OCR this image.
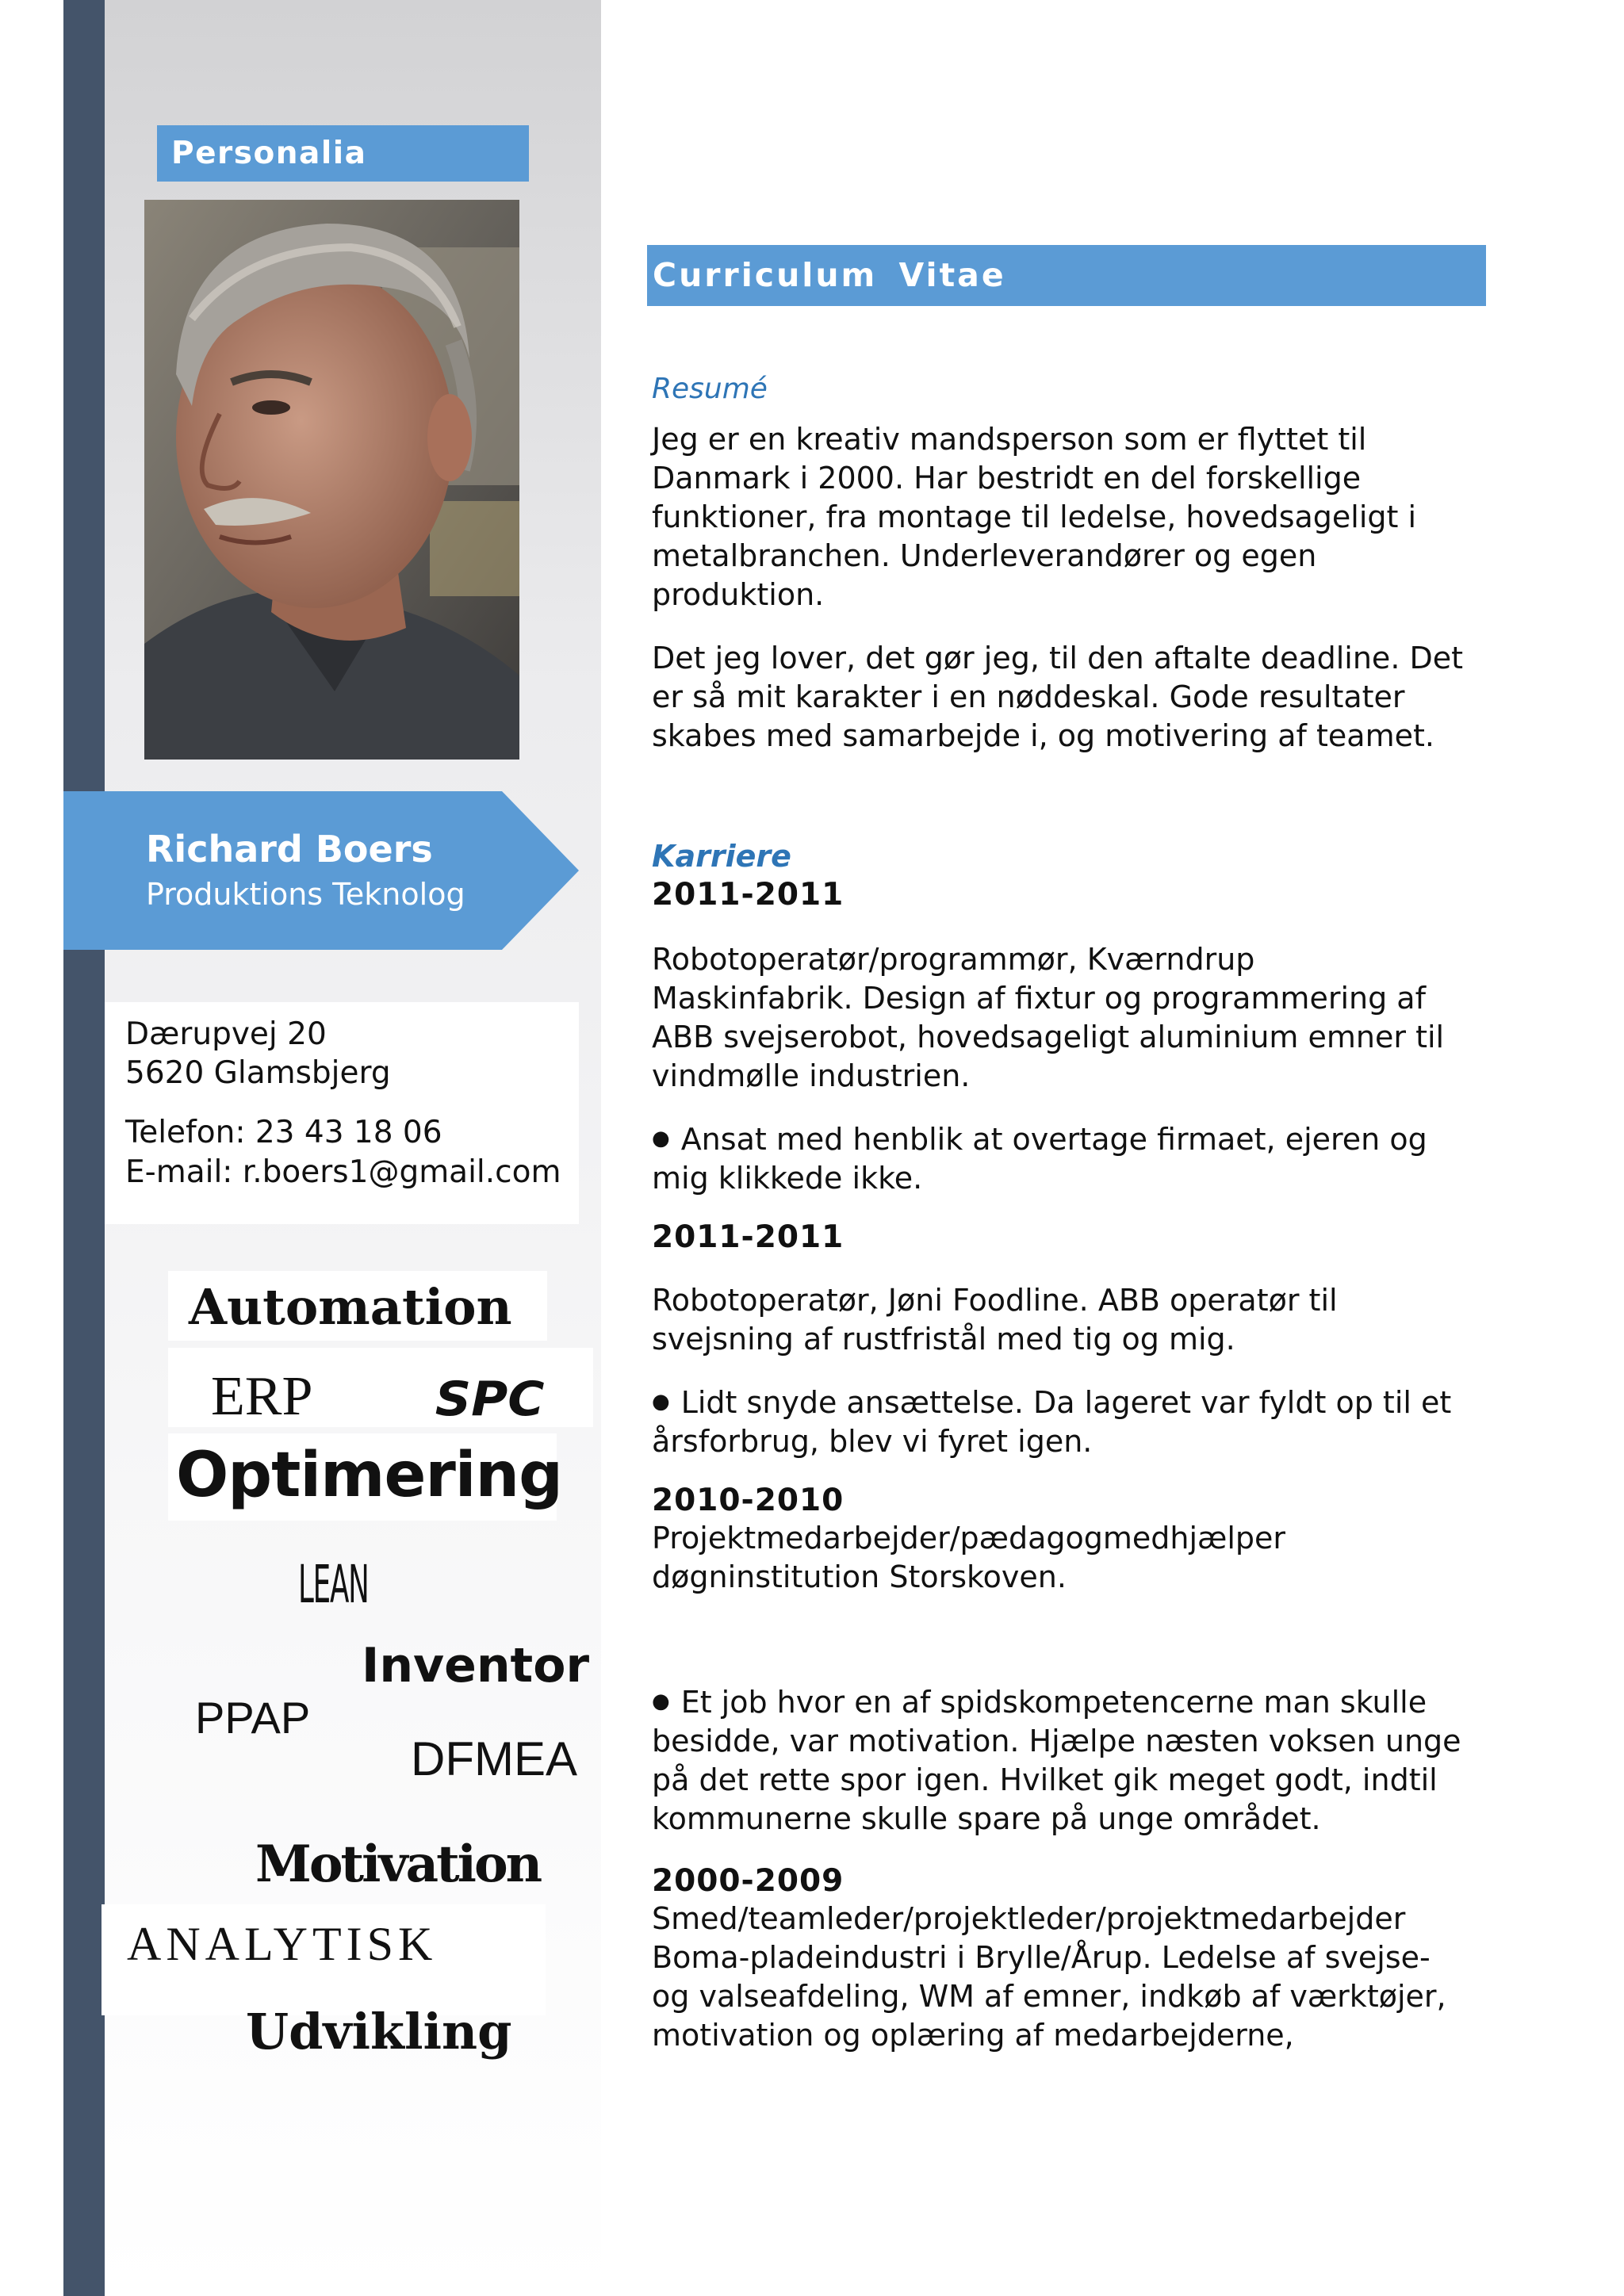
Personalia
Richard Boers
Produktions Teknolog
Dærupvej 20
5620 Glamsbjerg
Telefon: 23 43 18 06
E-mail: r.boers1@gmail.com
Automation
ERP	SPC
Optimering
LEAN
Inventor
PPAP
DFMEA
Motivation
ANALYTISK
Udvikling
Curriculum Vitae
Resumé
Jeg er en kreativ mandsperson som er flyttet til
Danmark i 2000. Har bestridt en del forskellige
funktioner, fra montage til ledelse, hovedsageligt i
metalbranchen. Underleverandører og egen
produktion.
Det jeg lover, det gør jeg, til den aftalte deadline. Det
er så mit karakter i en nøddeskal. Gode resultater
skabes med samarbejde i, og motivering af teamet.
Karriere
2011-2011
Robotoperatør/programmør, Kværndrup
Maskinfabrik. Design af fixtur og programmering af
ABB svejserobot, hovedsageligt aluminium emner til
vindmølle industrien.
● Ansat med henblik at overtage firmaet, ejeren og
mig klikkede ikke.
2011-2011
Robotoperatør, Jøni Foodline. ABB operatør til
svejsning af rustfristål med tig og mig.
● Lidt snyde ansættelse. Da lageret var fyldt op til et
årsforbrug, blev vi fyret igen.
2010-2010
Projektmedarbejder/pædagogmedhjælper
døgninstitution Storskoven.
● Et job hvor en af spidskompetencerne man skulle
besidde, var motivation. Hjælpe næsten voksen unge
på det rette spor igen. Hvilket gik meget godt, indtil
kommunerne skulle spare på unge området.
2000-2009
Smed/teamleder/projektleder/projektmedarbejder
Boma-pladeindustri i Brylle/Årup. Ledelse af svejse-
og valseafdeling, WM af emner, indkøb af værktøjer,
motivation og oplæring af medarbejderne,
